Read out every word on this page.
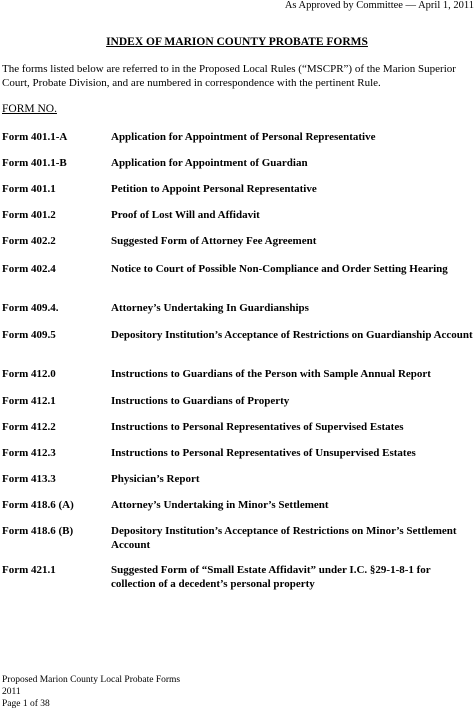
As Approved by Committee — April 1, 2011
INDEX OF MARION COUNTY PROBATE FORMS
The forms listed below are referred to in the Proposed Local Rules (“MSCPR”) of the Marion Superior Court, Probate Division, and are numbered in correspondence with the pertinent Rule.
FORM NO.
Form 401.1-A	Application for Appointment of Personal Representative
Form 401.1-B	Application for Appointment of Guardian
Form 401.1	Petition to Appoint Personal Representative
Form 401.2	Proof of Lost Will and Affidavit
Form 402.2	Suggested Form of Attorney Fee Agreement
Form 402.4	Notice to Court of Possible Non-Compliance and Order Setting Hearing
Form 409.4.	Attorney’s Undertaking In Guardianships
Form 409.5	Depository Institution’s Acceptance of Restrictions on Guardianship Account
Form 412.0	Instructions to Guardians of the Person with Sample Annual Report
Form 412.1	Instructions to Guardians of Property
Form 412.2	Instructions to Personal Representatives of Supervised Estates
Form 412.3	Instructions to Personal Representatives of Unsupervised Estates
Form 413.3	Physician’s Report
Form 418.6 (A)	Attorney’s Undertaking in Minor’s Settlement
Form 418.6 (B)	Depository Institution’s Acceptance of Restrictions on Minor’s Settlement Account
Form 421.1	Suggested Form of “Small Estate Affidavit” under I.C. §29-1-8-1 for collection of a decedent’s personal property
Proposed Marion County Local Probate Forms
2011
Page 1 of 38
